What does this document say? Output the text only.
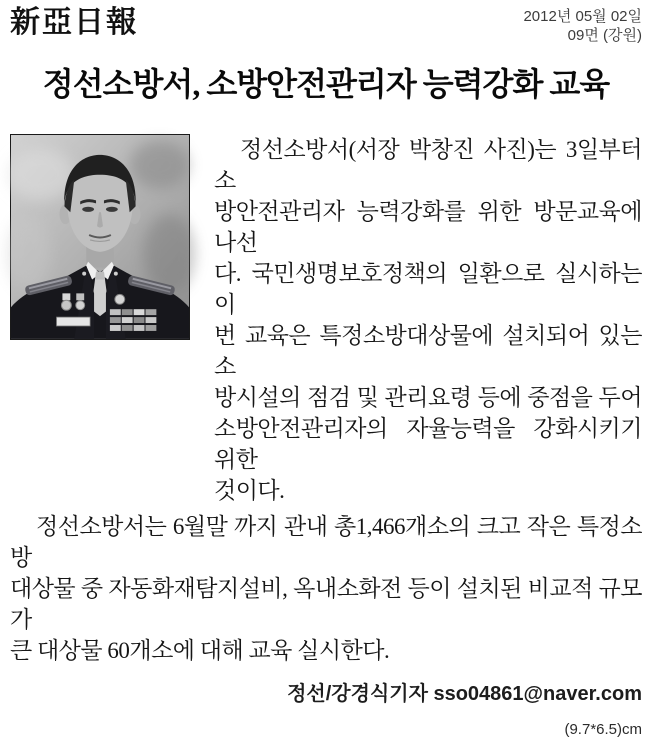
新亞日報	2012년 05월 02일
09면 (강원)
정선소방서, 소방안전관리자 능력강화 교육
정선소방서(서장 박창진 사진)는 3일부터 소
방안전관리자 능력강화를 위한 방문교육에 나선
다. 국민생명보호정책의 일환으로 실시하는 이
번 교육은 특정소방대상물에 설치되어 있는 소
방시설의 점검 및 관리요령 등에 중점을 두어
소방안전관리자의 자율능력을 강화시키기 위한
것이다.
정선소방서는 6월말 까지 관내 총1,466개소의 크고 작은 특정소방
대상물 중 자동화재탐지설비, 옥내소화전 등이 설치된 비교적 규모가
큰 대상물 60개소에 대해 교육 실시한다.
정선/강경식기자 sso04861@naver.com
(9.7*6.5)cm
